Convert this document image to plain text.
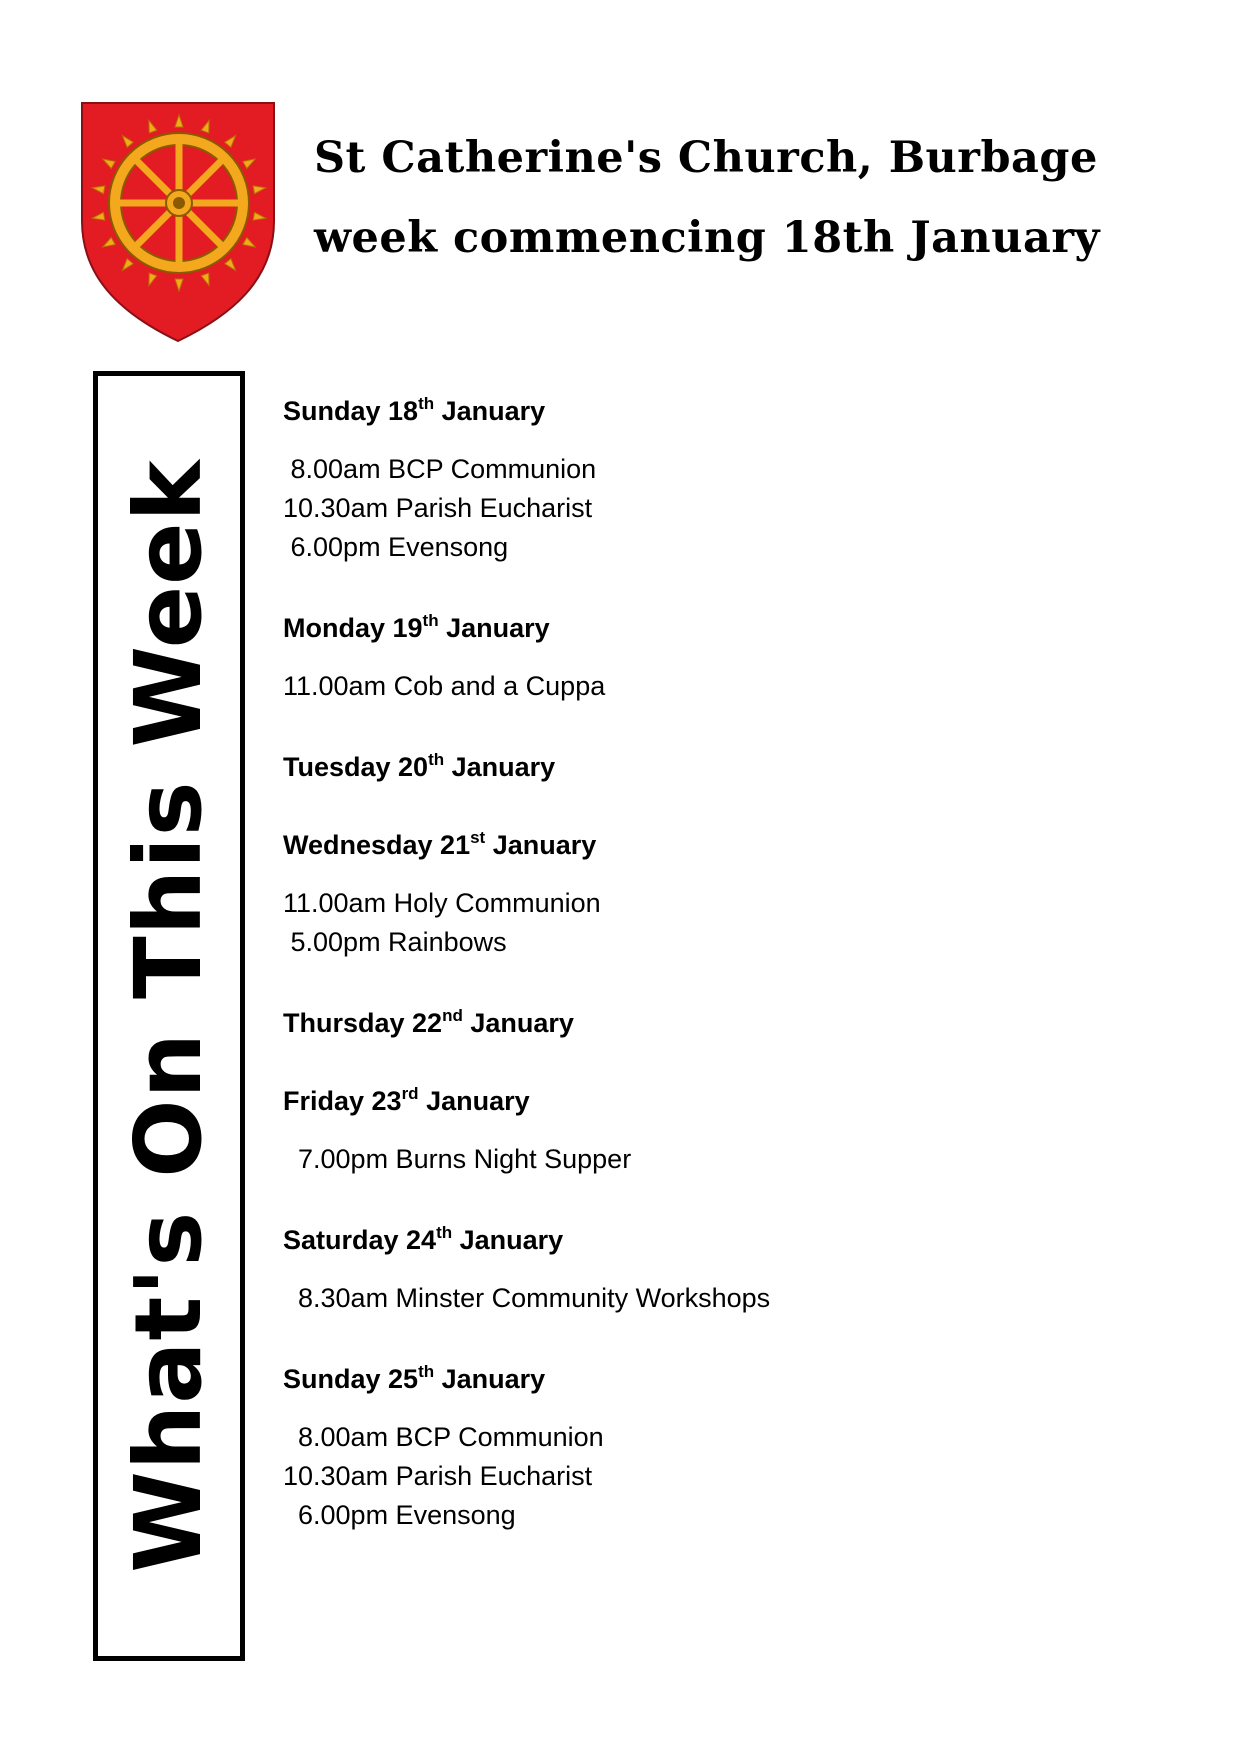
St Catherine's Church, Burbage
week commencing 18th January
What's On This Week
Sunday 18th January
8.00am BCP Communion
10.30am Parish Eucharist
6.00pm Evensong
Monday 19th January
11.00am Cob and a Cuppa
Tuesday 20th January
Wednesday 21st January
11.00am Holy Communion
5.00pm Rainbows
Thursday 22nd January
Friday 23rd January
7.00pm Burns Night Supper
Saturday 24th January
8.30am Minster Community Workshops
Sunday 25th January
8.00am BCP Communion
10.30am Parish Eucharist
6.00pm Evensong
